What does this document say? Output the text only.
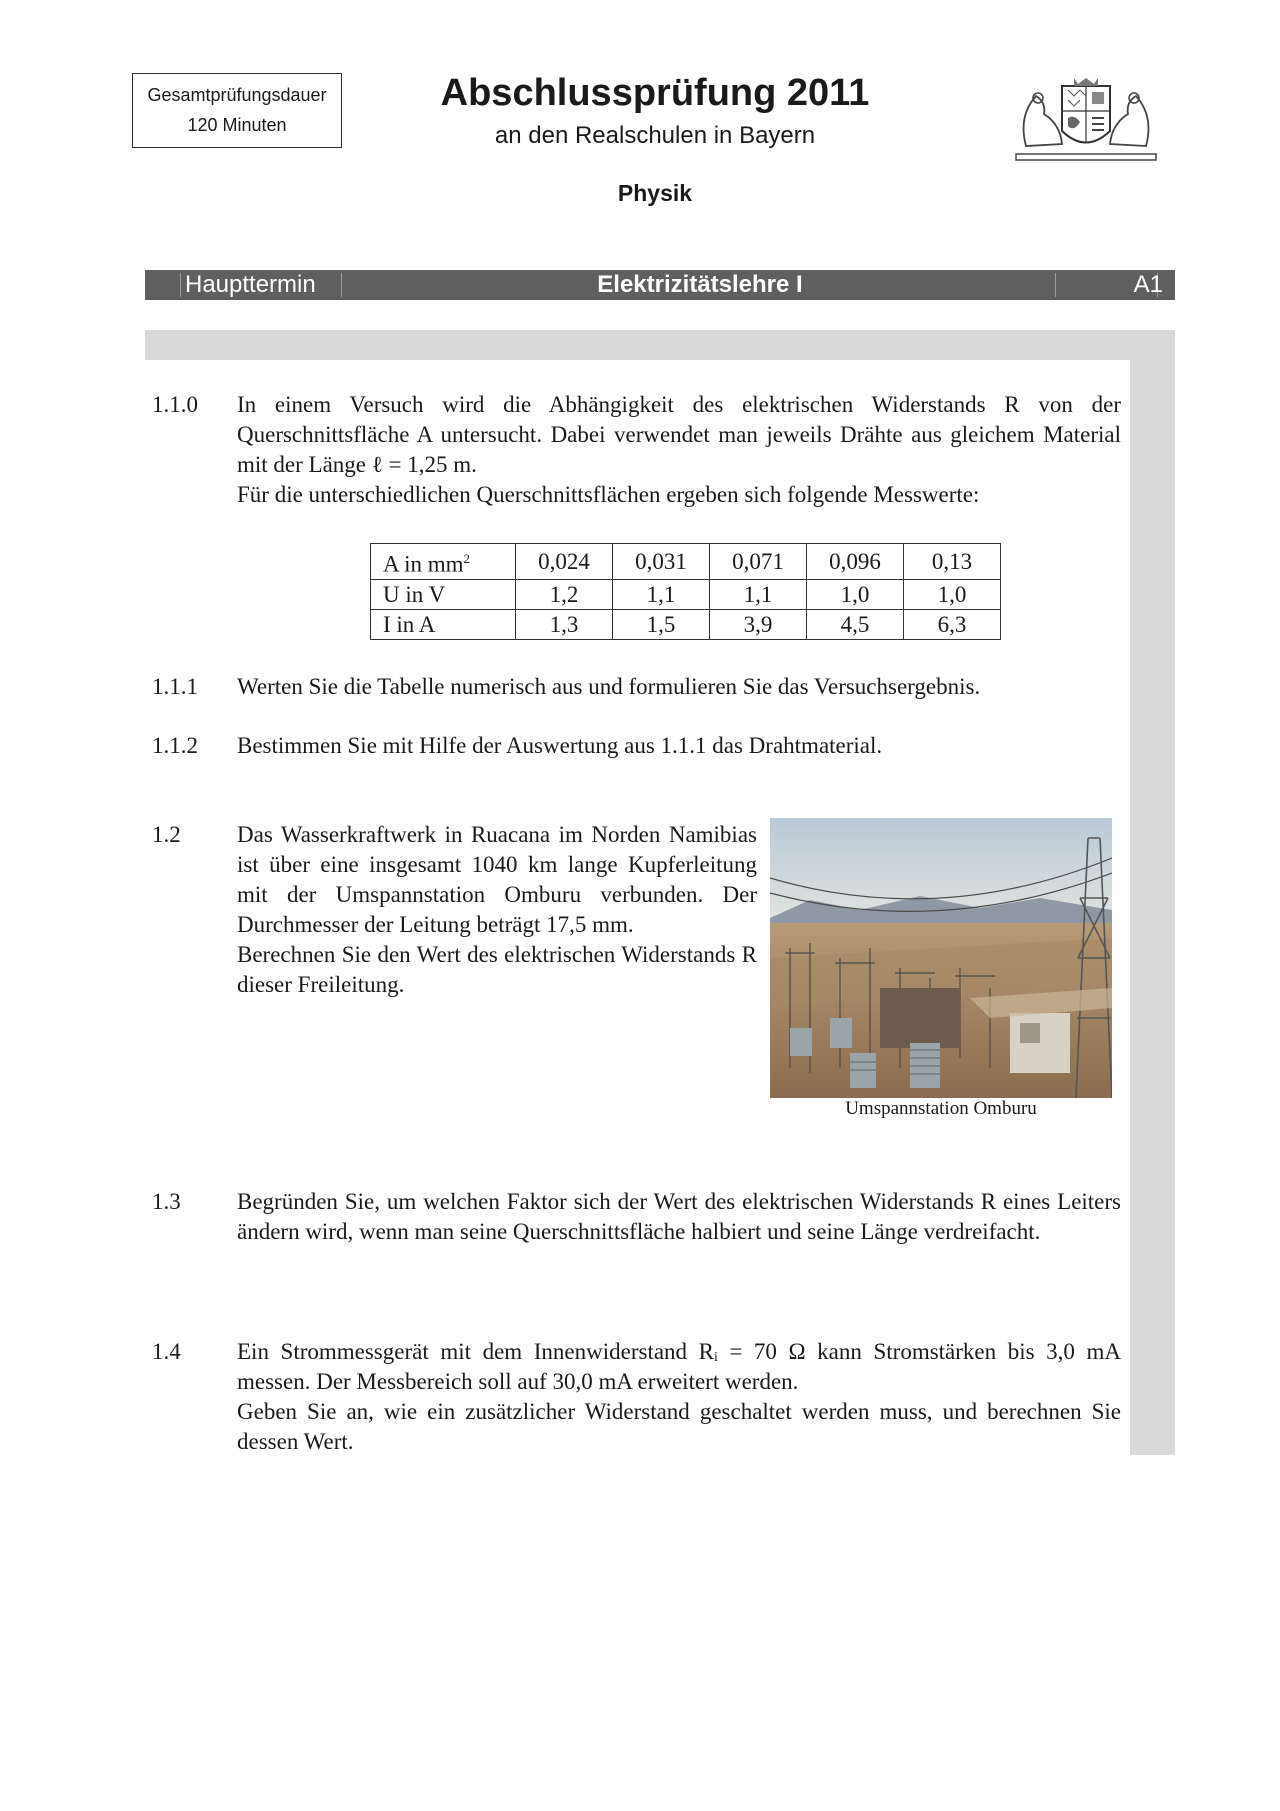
Gesamtprüfungsdauer
120 Minuten
Abschlussprüfung 2011
an den Realschulen in Bayern
Physik
Haupttermin	Elektrizitätslehre I	A1
1.1.0 In einem Versuch wird die Abhängigkeit des elektrischen Widerstands R von der Querschnittsfläche A untersucht. Dabei verwendet man jeweils Drähte aus gleichem Material mit der Länge ℓ = 1,25 m.

Für die unterschiedlichen Querschnittsflächen ergeben sich folgende Messwerte:

A in $mm^2$	0,024	0,031	0,071	0,096	0,13
U in V	1,2	1,1	1,1	1,0	1,0
I in A	1,3	1,5	3,9	4,5	6,3
1.1.1 Werten Sie die Tabelle numerisch aus und formulieren Sie das Versuchsergebnis.
1.1.2 Bestimmen Sie mit Hilfe der Auswertung aus 1.1.1 das Drahtmaterial.
1.2 Das Wasserkraftwerk in Ruacana im Norden Namibias ist über eine insgesamt 1040 km lange Kupferleitung mit der Umspannstation Omburu verbunden. Der Durchmesser der Leitung beträgt 17,5 mm.

Berechnen Sie den Wert des elektrischen Widerstands R dieser Freileitung.

Umspannstation Omburu
1.3 Begründen Sie, um welchen Faktor sich der Wert des elektrischen Widerstands R eines Leiters ändern wird, wenn man seine Querschnittsfläche halbiert und seine Länge verdreifacht.
1.4 Ein Strommessgerät mit dem Innenwiderstand Rᵢ = 70 Ω kann Stromstärken bis 3,0 mA messen. Der Messbereich soll auf 30,0 mA erweitert werden.

Geben Sie an, wie ein zusätzlicher Widerstand geschaltet werden muss, und berechnen Sie dessen Wert.
